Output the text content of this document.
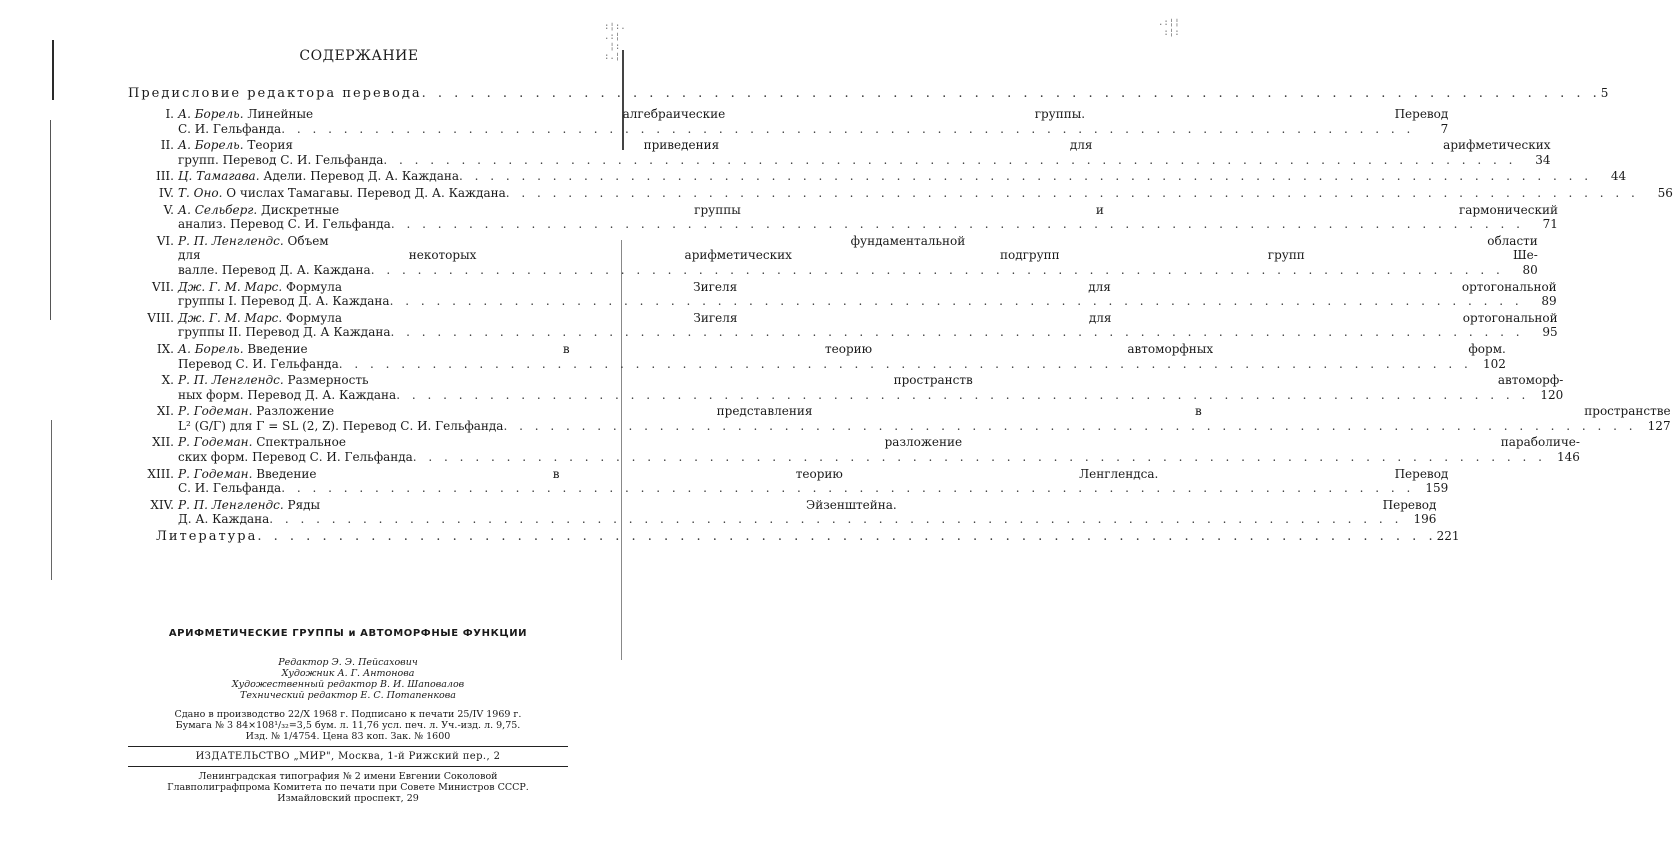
:¦:.
.:¦
¦:
:.¦
.:¦¦
:¦:
СОДЕРЖАНИЕ
Предисловие редактора перевода . . .	5
I. А. Борель.
Линейные алгебраические группы. Перевод
С. И. Гельфанда . . .	7
II. А. Борель.
Теория приведения для арифметических
групп. Перевод С. И. Гельфанда . . .	34
III. Ц. Тамагава.
Адели. Перевод Д. А. Каждана . . .	44
IV. Т. Оно.
О числах Тамагавы. Перевод Д. А. Каждана . . .	56
V. А. Сельберг.
Дискретные группы и гармонический
анализ. Перевод С. И. Гельфанда . . .	71
VI. Р. П. Ленглендс.
Объем фундаментальной области
для некоторых арифметических подгрупп групп Ше-
валле. Перевод Д. А. Каждана . . .	80
VII. Дж. Г. М. Марс.
Формула Зигеля для ортогональной
группы I. Перевод Д. А. Каждана . . .	89
VIII. Дж. Г. М. Марс.
Формула Зигеля для ортогональной
группы II. Перевод Д. А Каждана . . .	95
IX. А. Борель.
Введение в теорию автоморфных форм.
Перевод С. И. Гельфанда . . .	102
X. Р. П. Ленглендс.
Размерность пространств автоморф-
ных форм. Перевод Д. А. Каждана . . .	120
XI. Р. Годеман.
Разложение представления в пространстве
L² (G/Γ) для Γ = SL (2, Z). Перевод С. И. Гельфанда . . .	127
XII. Р. Годеман.
Спектральное разложение параболиче-
ских форм. Перевод С. И. Гельфанда . . .	146
XIII. Р. Годеман.
Введение в теорию Ленглендса. Перевод
С. И. Гельфанда . . .	159
XIV. Р. П. Ленглендс.
Ряды Эйзенштейна. Перевод
Д. А. Каждана . . .	196
Литература . . .	221
АРИФМЕТИЧЕСКИЕ ГРУППЫ и АВТОМОРФНЫЕ ФУНКЦИИ
Редактор Э. Э. Пейсахович
Художник А. Г. Антонова
Художественный редактор В. И. Шаповалов
Технический редактор Е. С. Потапенкова
Сдано в производство 22/X 1968 г. Подписано к печати 25/IV 1969 г.
Бумага № 3 84×108¹/₃₂=3,5 бум. л. 11,76 усл. печ. л. Уч.-изд. л. 9,75.
Изд. № 1/4754. Цена 83 коп. Зак. № 1600
ИЗДАТЕЛЬСТВО „МИР", Москва, 1-й Рижский пер., 2
Ленинградская типография № 2 имени Евгении Соколовой
Главполиграфпрома Комитета по печати при Совете Министров СССР.
Измайловский проспект, 29
